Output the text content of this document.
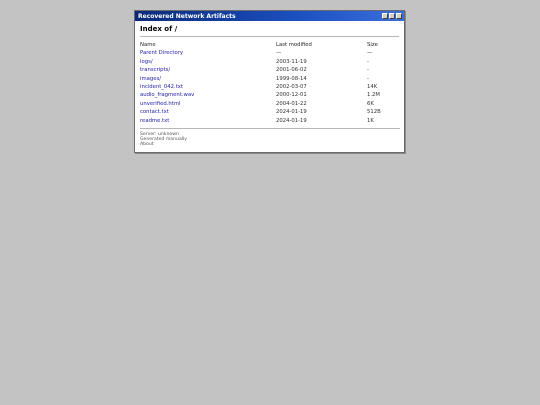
Recovered Network Artifacts
Index of /
Name	Last modified	Size
Parent Directory	—	—
logs/	2003-11-19	-
transcripts/	2001-06-02	-
images/	1999-08-14	-
incident_042.txt	2002-03-07	14K
audio_fragment.wav	2000-12-01	1.2M
unverified.html	2004-01-22	6K
contact.txt	2024-01-19	512B
readme.txt	2024-01-19	1K
Server: unknown
Generated manually
About
